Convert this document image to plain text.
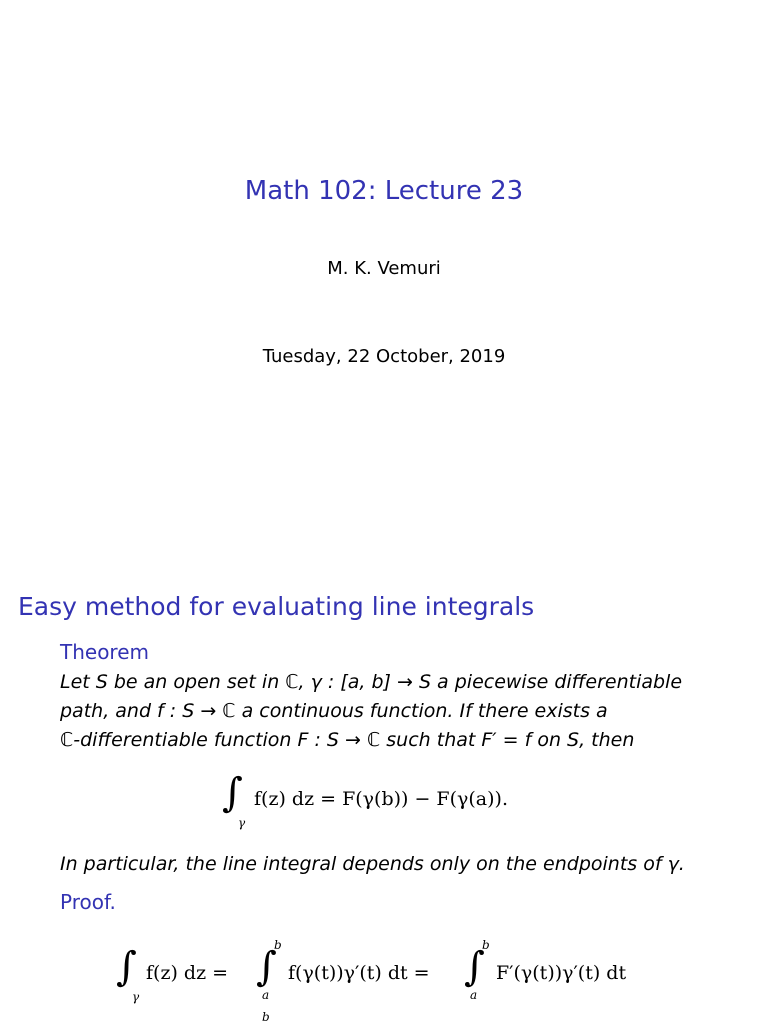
Math 102: Lecture 23
M. K. Vemuri
Tuesday, 22 October, 2019
Easy method for evaluating line integrals
Theorem
Let S be an open set in ℂ, γ : [a, b] → S a piecewise differentiable
path, and f : S → ℂ a continuous function. If there exists a
ℂ-differentiable function F : S → ℂ such that F′ = f on S, then
∫
γ
f(z) dz = F(γ(b)) − F(γ(a)).
In particular, the line integral depends only on the endpoints of γ.
Proof.
∫
γ
f(z) dz = ∫
b
a
f(γ(t))γ′(t) dt = ∫
b
a
F′(γ(t))γ′(t) dt
b
